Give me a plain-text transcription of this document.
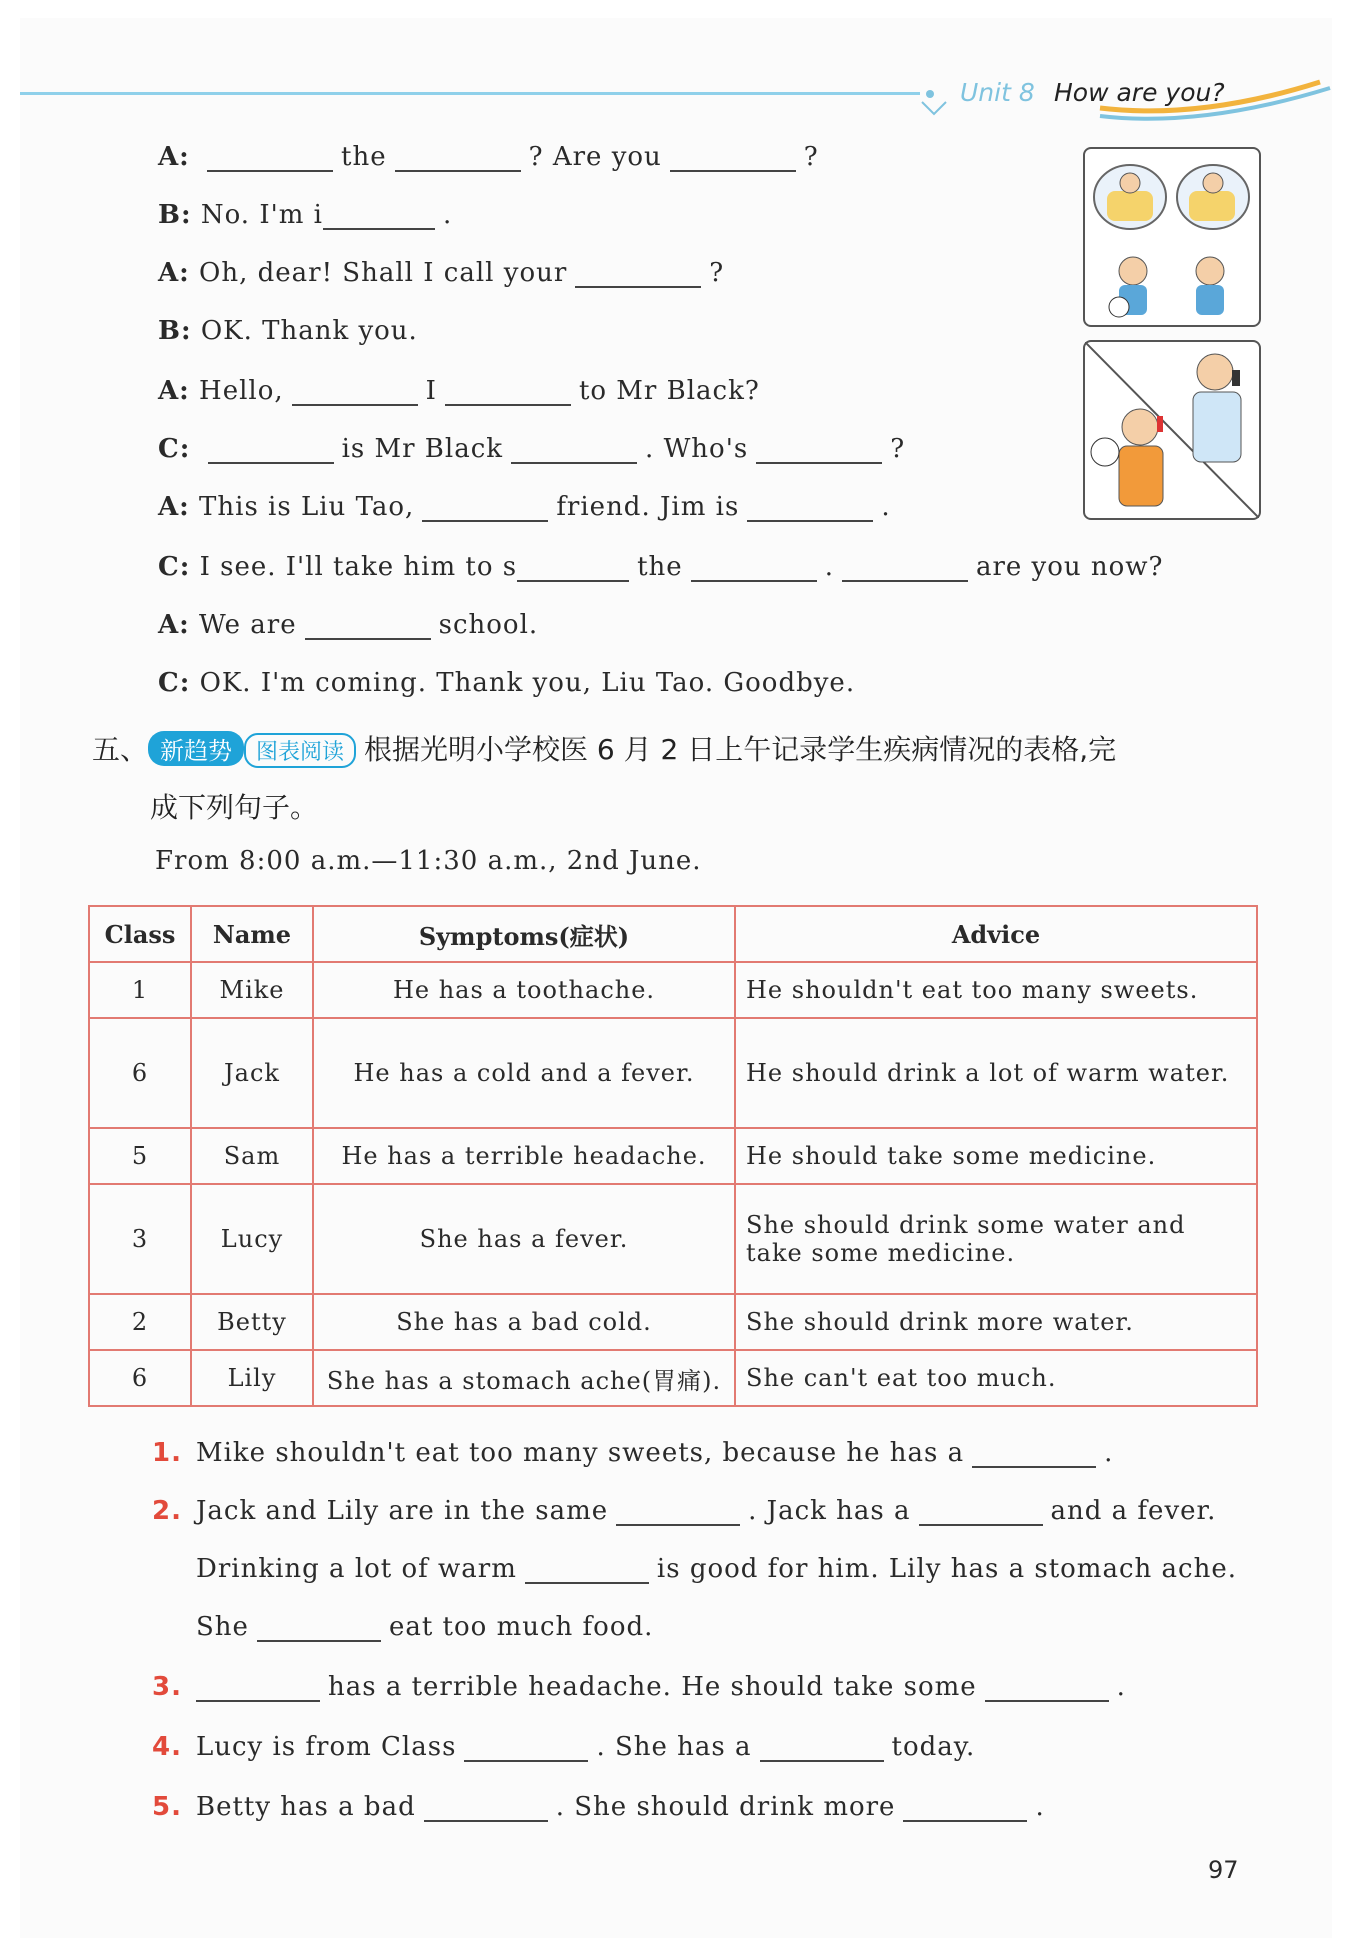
Unit 8 How are you?
A:	the	? Are you	?
B: No. I'm i	.
A: Oh, dear! Shall I call your	?
B: OK. Thank you.
A: Hello,	I	to Mr Black?
C:	is Mr Black	. Who's	?
A: This is Liu Tao,	friend. Jim is	.
C: I see. I'll take him to s	the	.	are you now?
A: We are	school.
C: OK. I'm coming. Thank you, Liu Tao. Goodbye.
五、 新趋势 图表阅读 根据光明小学校医 6 月 2 日上午记录学生疾病情况的表格,完
成下列句子。
From 8:00 a.m.—11:30 a.m., 2nd June.
Class	Name	Symptoms(症状)	Advice
1	Mike	He has a toothache.	He shouldn't eat too many sweets.
6	Jack	He has a cold and a fever.	He should drink a lot of warm water.
5	Sam	He has a terrible headache.	He should take some medicine.
3	Lucy	She has a fever.	She should drink some water and take some medicine.
2	Betty	She has a bad cold.	She should drink more water.
6	Lily	She has a stomach ache(胃痛).	She can't eat too much.
1. Mike shouldn't eat too many sweets, because he has a	.
2. Jack and Lily are in the same	. Jack has a	and a fever.
Drinking a lot of warm	is good for him. Lily has a stomach ache.
She	eat too much food.
3.	has a terrible headache. He should take some	.
4. Lucy is from Class	. She has a	today.
5. Betty has a bad	. She should drink more	.
97
